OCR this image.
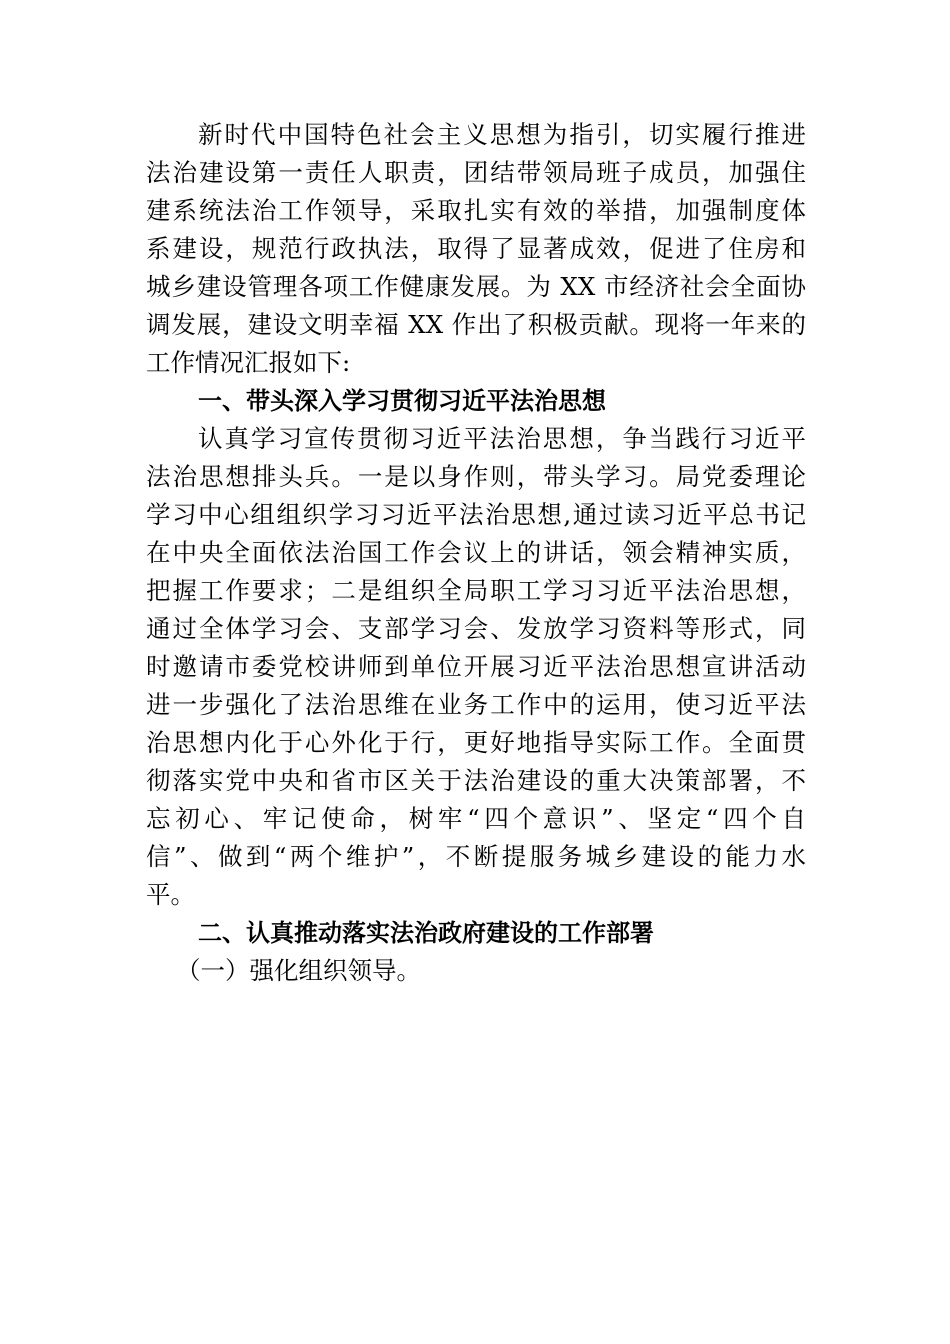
新时代中国特色社会主义思想为指引，切实履行推进
法治建设第一责任人职责，团结带领局班子成员，加强住
建系统法治工作领导，采取扎实有效的举措，加强制度体
系建设，规范行政执法，取得了显著成效，促进了住房和
城乡建设管理各项工作健康发展。为 XX 市经济社会全面协
调发展，建设文明幸福 XX 作出了积极贡献。现将一年来的
工作情况汇报如下:
一、带头深入学习贯彻习近平法治思想
认真学习宣传贯彻习近平法治思想，争当践行习近平
法治思想排头兵。一是以身作则，带头学习。局党委理论
学习中心组组织学习习近平法治思想,通过读习近平总书记
在中央全面依法治国工作会议上的讲话，领会精神实质，
把握工作要求；二是组织全局职工学习习近平法治思想，
通过全体学习会、支部学习会、发放学习资料等形式，同
时邀请市委党校讲师到单位开展习近平法治思想宣讲活动
进一步强化了法治思维在业务工作中的运用，使习近平法
治思想内化于心外化于行，更好地指导实际工作。全面贯
彻落实党中央和省市区关于法治建设的重大决策部署，不
忘初心、牢记使命，树牢“四个意识”、坚定“四个自
信”、做到“两个维护”，不断提服务城乡建设的能力水
平。
二、认真推动落实法治政府建设的工作部署
（一）强化组织领导。
